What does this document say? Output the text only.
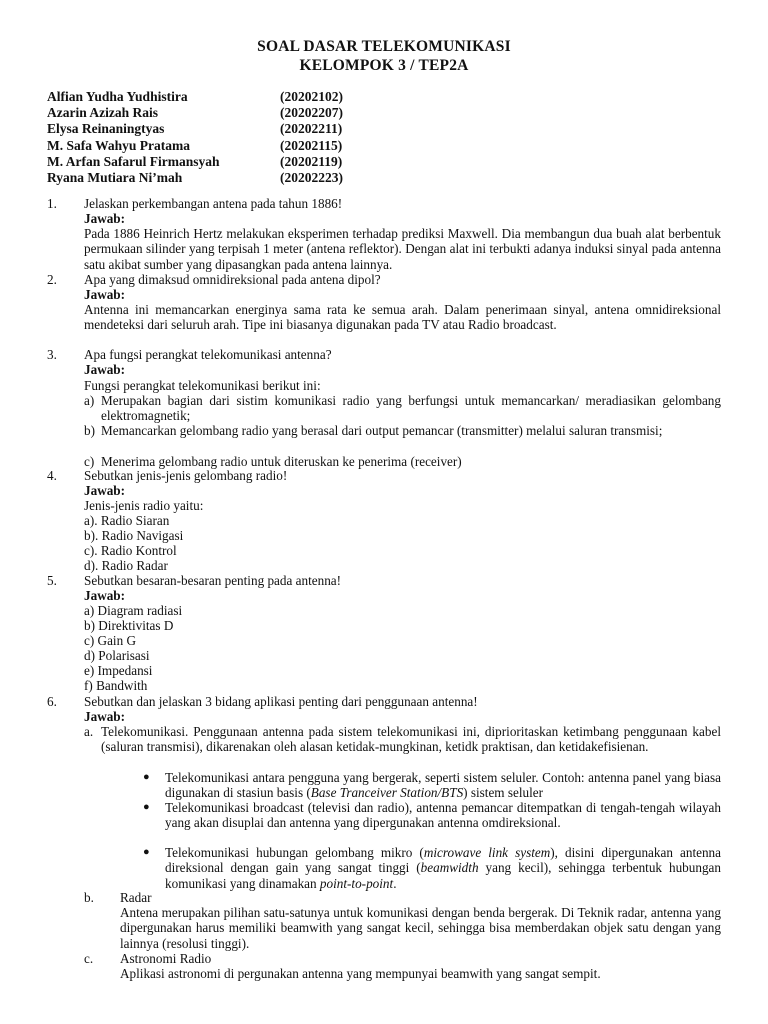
SOAL DASAR TELEKOMUNIKASI
KELOMPOK 3 / TEP2A
Alfian Yudha Yudhistira	(20202102)
Azarin Azizah Rais	(20202207)
Elysa Reinaningtyas	(20202211)
M. Safa Wahyu Pratama	(20202115)
M. Arfan Safarul Firmansyah	(20202119)
Ryana Mutiara Ni’mah	(20202223)
1. Jelaskan perkembangan antena pada tahun 1886!
Jawab:
Pada 1886 Heinrich Hertz melakukan eksperimen terhadap prediksi Maxwell. Dia membangun dua buah alat berbentuk permukaan silinder yang terpisah 1 meter (antena reflektor). Dengan alat ini terbukti adanya induksi sinyal pada antenna satu akibat sumber yang dipasangkan pada antena lainnya.
2. Apa yang dimaksud omnidireksional pada antena dipol?
Jawab:
Antenna ini memancarkan energinya sama rata ke semua arah. Dalam penerimaan sinyal, antena omnidireksional mendeteksi dari seluruh arah. Tipe ini biasanya digunakan pada TV atau Radio broadcast.
3. Apa fungsi perangkat telekomunikasi antenna?
Jawab:
Fungsi perangkat telekomunikasi berikut ini:
a) Merupakan bagian dari sistim komunikasi radio yang berfungsi untuk memancarkan/ meradiasikan gelombang elektromagnetik;
b) Memancarkan gelombang radio yang berasal dari output pemancar (transmitter) melalui saluran transmisi;
c) Menerima gelombang radio untuk diteruskan ke penerima (receiver)
4. Sebutkan jenis-jenis gelombang radio!
Jawab:
Jenis-jenis radio yaitu:
a). Radio Siaran
b). Radio Navigasi
c). Radio Kontrol
d). Radio Radar
5. Sebutkan besaran-besaran penting pada antenna!
Jawab:
a) Diagram radiasi
b) Direktivitas D
c) Gain G
d) Polarisasi
e) Impedansi
f) Bandwith
6. Sebutkan dan jelaskan 3 bidang aplikasi penting dari penggunaan antenna!
Jawab:
a. Telekomunikasi. Penggunaan antenna pada sistem telekomunikasi ini, diprioritaskan ketimbang penggunaan kabel (saluran transmisi), dikarenakan oleh alasan ketidak-mungkinan, ketidk praktisan, dan ketidakefisienan.
● Telekomunikasi antara pengguna yang bergerak, seperti sistem seluler. Contoh: antenna panel yang biasa digunakan di stasiun basis (Base Tranceiver Station/BTS) sistem seluler
● Telekomunikasi broadcast (televisi dan radio), antenna pemancar ditempatkan di tengah-tengah wilayah yang akan disuplai dan antenna yang dipergunakan antenna omdireksional.
● Telekomunikasi hubungan gelombang mikro (microwave link system), disini dipergunakan antenna direksional dengan gain yang sangat tinggi (beamwidth yang kecil), sehingga terbentuk hubungan komunikasi yang dinamakan point-to-point.
b. Radar
Antena merupakan pilihan satu-satunya untuk komunikasi dengan benda bergerak. Di Teknik radar, antenna yang dipergunakan harus memiliki beamwith yang sangat kecil, sehingga bisa memberdakan objek satu dengan yang lainnya (resolusi tinggi).
c. Astronomi Radio
Aplikasi astronomi di pergunakan antenna yang mempunyai beamwith yang sangat sempit.
